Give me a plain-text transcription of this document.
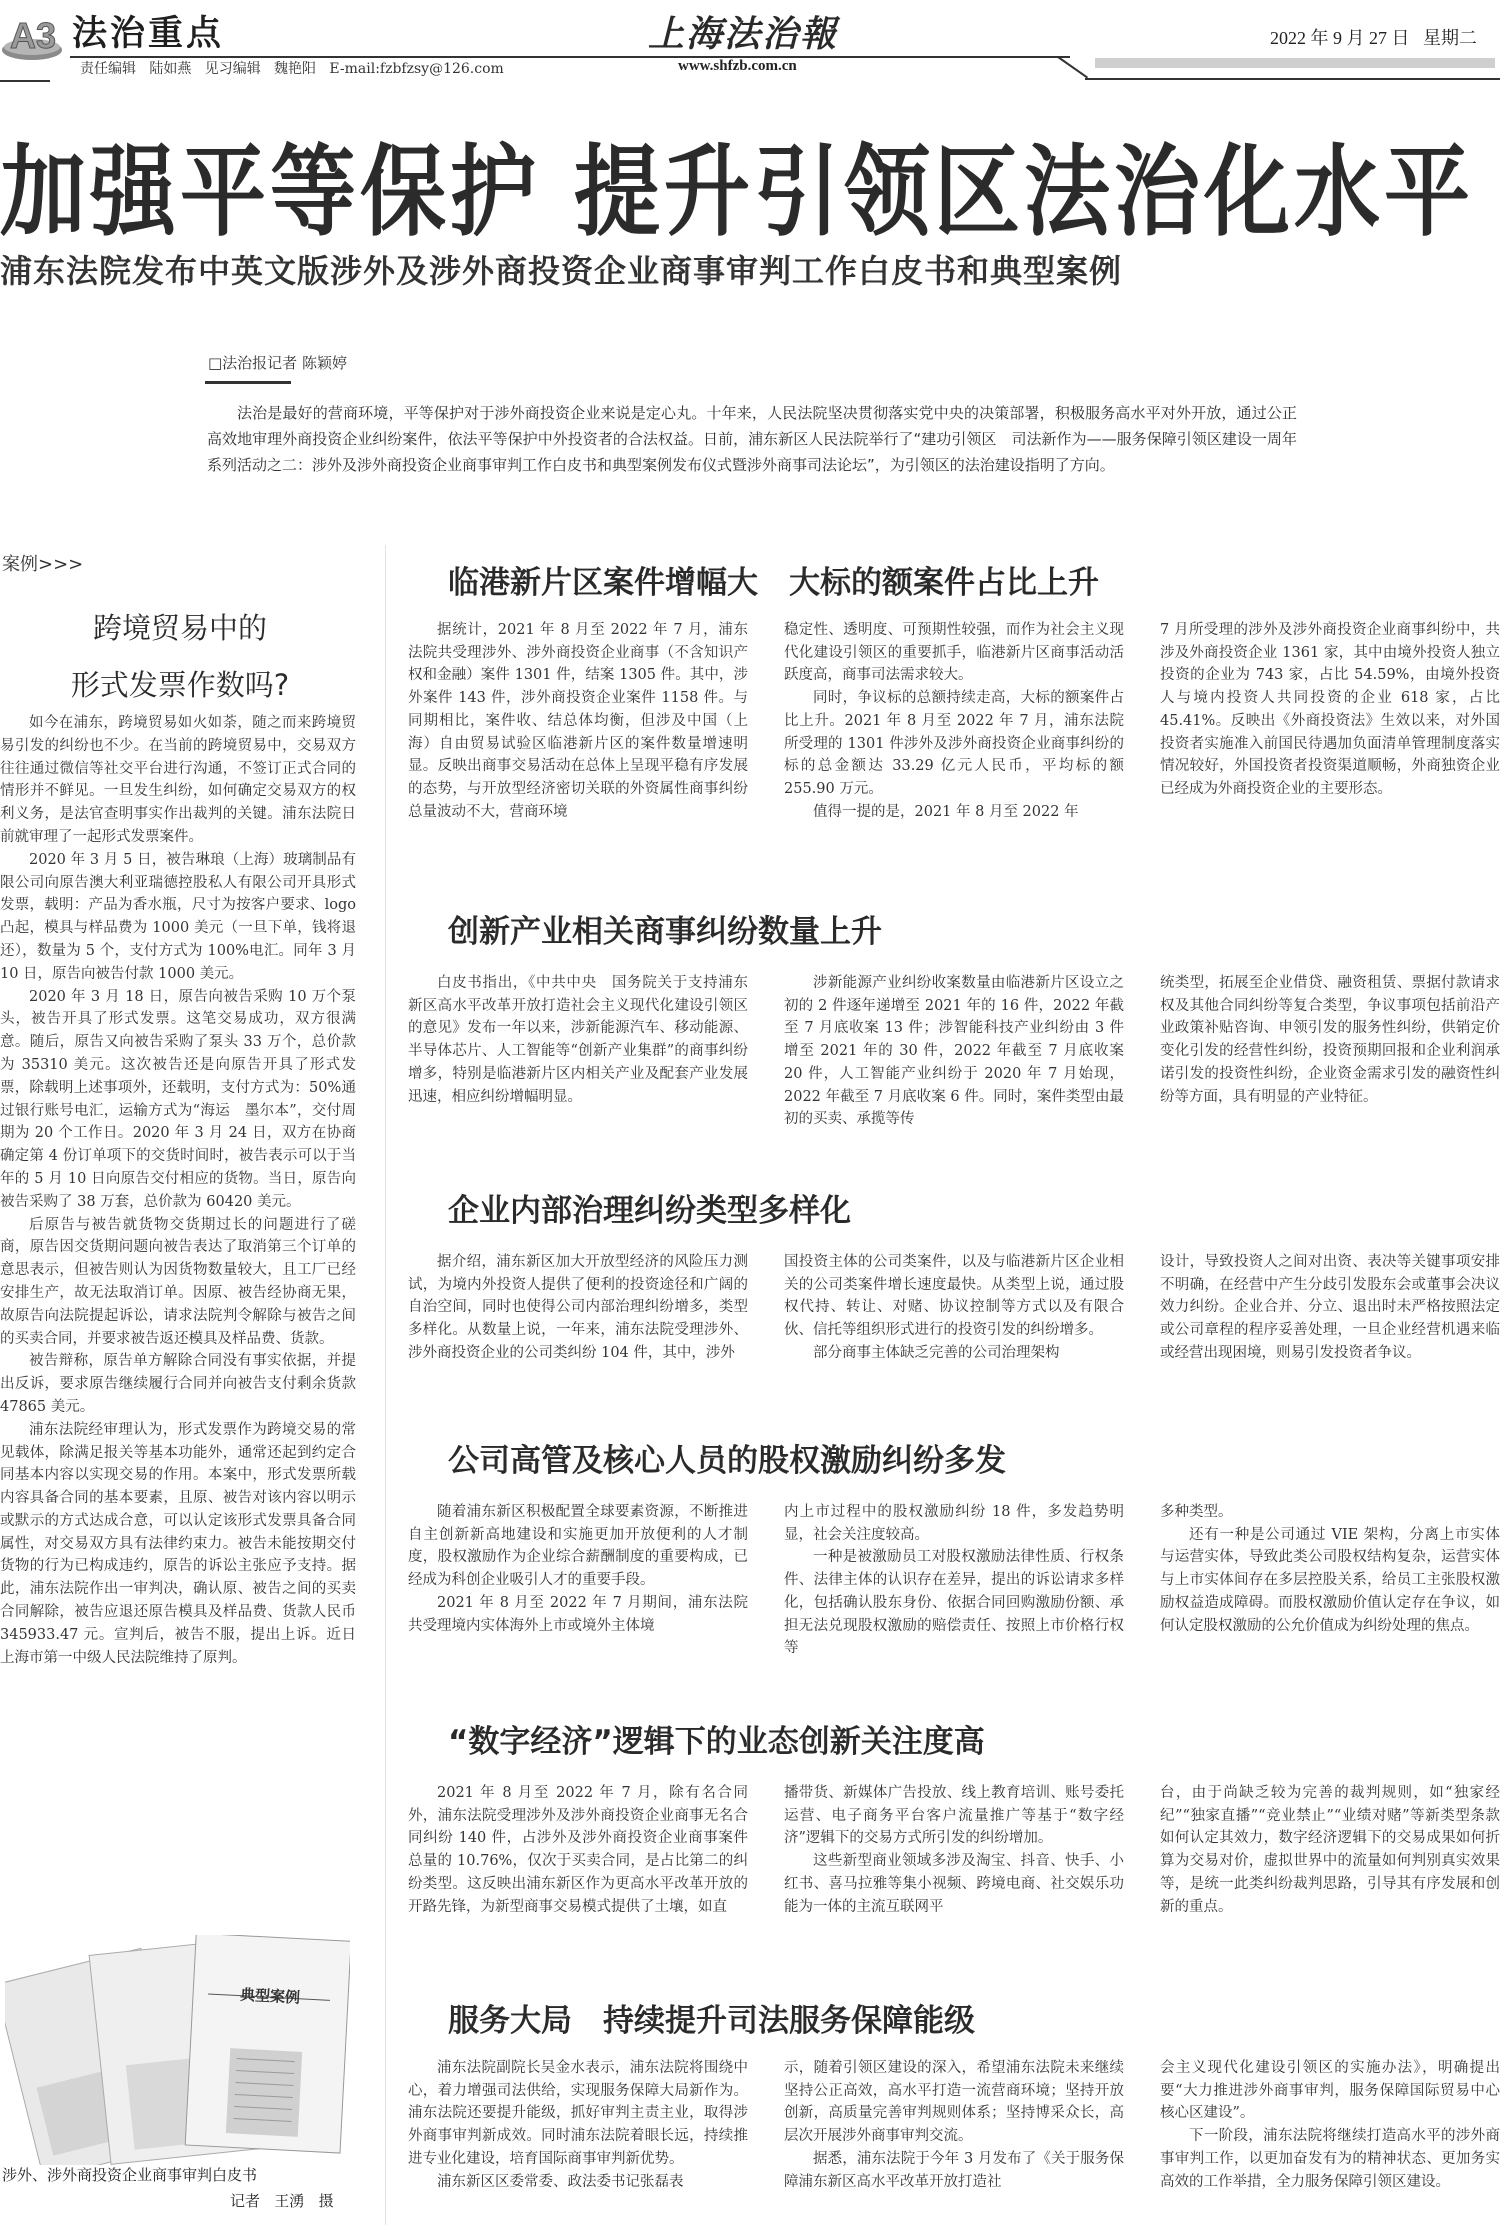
A3 法治重点
责任编辑   陆如燕   见习编辑   魏艳阳   E-mail:fzbfzsy@126.com
上海法治報
www.shfzb.com.cn
2022 年 9 月 27 日   星期二
加强平等保护 提升引领区法治化水平
浦东法院发布中英文版涉外及涉外商投资企业商事审判工作白皮书和典型案例
□法治报记者 陈颖婷

法治是最好的营商环境，平等保护对于涉外商投资企业来说是定心丸。十年来，人民法院坚决贯彻落实党中央的决策部署，积极服务高水平对外开放，通过公正高效地审理外商投资企业纠纷案件，依法平等保护中外投资者的合法权益。日前，浦东新区人民法院举行了“建功引领区　司法新作为——服务保障引领区建设一周年系列活动之二：涉外及涉外商投资企业商事审判工作白皮书和典型案例发布仪式暨涉外商事司法论坛”，为引领区的法治建设指明了方向。

案例>>>
跨境贸易中的
形式发票作数吗?

如今在浦东，跨境贸易如火如荼，随之而来跨境贸易引发的纠纷也不少。在当前的跨境贸易中，交易双方往往通过微信等社交平台进行沟通，不签订正式合同的情形并不鲜见。一旦发生纠纷，如何确定交易双方的权利义务，是法官查明事实作出裁判的关键。浦东法院日前就审理了一起形式发票案件。

2020 年 3 月 5 日，被告琳琅（上海）玻璃制品有限公司向原告澳大利亚瑞德控股私人有限公司开具形式发票，载明：产品为香水瓶，尺寸为按客户要求、logo 凸起，模具与样品费为 1000 美元（一旦下单，钱将退还），数量为 5 个，支付方式为 100%电汇。同年 3 月 10 日，原告向被告付款 1000 美元。

2020 年 3 月 18 日，原告向被告采购 10 万个泵头，被告开具了形式发票。这笔交易成功，双方很满意。随后，原告又向被告采购了泵头 33 万个，总价款为 35310 美元。这次被告还是向原告开具了形式发票，除载明上述事项外，还载明，支付方式为：50%通过银行账号电汇，运输方式为“海运　墨尔本”，交付周期为 20 个工作日。2020 年 3 月 24 日，双方在协商确定第 4 份订单项下的交货时间时，被告表示可以于当年的 5 月 10 日向原告交付相应的货物。当日，原告向被告采购了 38 万套，总价款为 60420 美元。

后原告与被告就货物交货期过长的问题进行了磋商，原告因交货期问题向被告表达了取消第三个订单的意思表示，但被告则认为因货物数量较大，且工厂已经安排生产，故无法取消订单。因原、被告经协商无果，故原告向法院提起诉讼，请求法院判令解除与被告之间的买卖合同，并要求被告返还模具及样品费、货款。

被告辩称，原告单方解除合同没有事实依据，并提出反诉，要求原告继续履行合同并向被告支付剩余货款 47865 美元。

浦东法院经审理认为，形式发票作为跨境交易的常见载体，除满足报关等基本功能外，通常还起到约定合同基本内容以实现交易的作用。本案中，形式发票所载内容具备合同的基本要素，且原、被告对该内容以明示或默示的方式达成合意，可以认定该形式发票具备合同属性，对交易双方具有法律约束力。被告未能按期交付货物的行为已构成违约，原告的诉讼主张应予支持。据此，浦东法院作出一审判决，确认原、被告之间的买卖合同解除，被告应退还原告模具及样品费、货款人民币 345933.47 元。宣判后，被告不服，提出上诉。近日上海市第一中级人民法院维持了原判。

典型案例
涉外、涉外商投资企业商事审判白皮书
记者   王湧   摄
临港新片区案件增幅大　大标的额案件占比上升

据统计，2021 年 8 月至 2022 年 7 月，浦东法院共受理涉外、涉外商投资企业商事（不含知识产权和金融）案件 1301 件，结案 1305 件。其中，涉外案件 143 件，涉外商投资企业案件 1158 件。与同期相比，案件收、结总体均衡，但涉及中国（上海）自由贸易试验区临港新片区的案件数量增速明显。反映出商事交易活动在总体上呈现平稳有序发展的态势，与开放型经济密切关联的外资属性商事纠纷总量波动不大，营商环境

稳定性、透明度、可预期性较强，而作为社会主义现代化建设引领区的重要抓手，临港新片区商事活动活跃度高，商事司法需求较大。

同时，争议标的总额持续走高，大标的额案件占比上升。2021 年 8 月至 2022 年 7 月，浦东法院所受理的 1301 件涉外及涉外商投资企业商事纠纷的标的总金额达 33.29 亿元人民币，平均标的额 255.90 万元。

值得一提的是，2021 年 8 月至 2022 年

7 月所受理的涉外及涉外商投资企业商事纠纷中，共涉及外商投资企业 1361 家，其中由境外投资人独立投资的企业为 743 家，占比 54.59%，由境外投资人与境内投资人共同投资的企业 618 家，占比 45.41%。反映出《外商投资法》生效以来，对外国投资者实施准入前国民待遇加负面清单管理制度落实情况较好，外国投资者投资渠道顺畅，外商独资企业已经成为外商投资企业的主要形态。

创新产业相关商事纠纷数量上升

白皮书指出，《中共中央　国务院关于支持浦东新区高水平改革开放打造社会主义现代化建设引领区的意见》发布一年以来，涉新能源汽车、移动能源、半导体芯片、人工智能等“创新产业集群”的商事纠纷增多，特别是临港新片区内相关产业及配套产业发展迅速，相应纠纷增幅明显。

涉新能源产业纠纷收案数量由临港新片区设立之初的 2 件逐年递增至 2021 年的 16 件，2022 年截至 7 月底收案 13 件；涉智能科技产业纠纷由 3 件增至 2021 年的 30 件，2022 年截至 7 月底收案 20 件，人工智能产业纠纷于 2020 年 7 月始现，2022 年截至 7 月底收案 6 件。同时，案件类型由最初的买卖、承揽等传

统类型，拓展至企业借贷、融资租赁、票据付款请求权及其他合同纠纷等复合类型，争议事项包括前沿产业政策补贴咨询、申领引发的服务性纠纷，供销定价变化引发的经营性纠纷，投资预期回报和企业利润承诺引发的投资性纠纷，企业资金需求引发的融资性纠纷等方面，具有明显的产业特征。

企业内部治理纠纷类型多样化

据介绍，浦东新区加大开放型经济的风险压力测试，为境内外投资人提供了便利的投资途径和广阔的自治空间，同时也使得公司内部治理纠纷增多，类型多样化。从数量上说，一年来，浦东法院受理涉外、涉外商投资企业的公司类纠纷 104 件，其中，涉外

国投资主体的公司类案件，以及与临港新片区企业相关的公司类案件增长速度最快。从类型上说，通过股权代持、转让、对赌、协议控制等方式以及有限合伙、信托等组织形式进行的投资引发的纠纷增多。

部分商事主体缺乏完善的公司治理架构

设计，导致投资人之间对出资、表决等关键事项安排不明确，在经营中产生分歧引发股东会或董事会决议效力纠纷。企业合并、分立、退出时未严格按照法定或公司章程的程序妥善处理，一旦企业经营机遇来临或经营出现困境，则易引发投资者争议。

公司高管及核心人员的股权激励纠纷多发

随着浦东新区积极配置全球要素资源，不断推进自主创新新高地建设和实施更加开放便利的人才制度，股权激励作为企业综合薪酬制度的重要构成，已经成为科创企业吸引人才的重要手段。

2021 年 8 月至 2022 年 7 月期间，浦东法院共受理境内实体海外上市或境外主体境

内上市过程中的股权激励纠纷 18 件，多发趋势明显，社会关注度较高。

一种是被激励员工对股权激励法律性质、行权条件、法律主体的认识存在差异，提出的诉讼请求多样化，包括确认股东身份、依据合同回购激励份额、承担无法兑现股权激励的赔偿责任、按照上市价格行权等

多种类型。

还有一种是公司通过 VIE 架构，分离上市实体与运营实体，导致此类公司股权结构复杂，运营实体与上市实体间存在多层控股关系，给员工主张股权激励权益造成障碍。而股权激励价值认定存在争议，如何认定股权激励的公允价值成为纠纷处理的焦点。

“数字经济”逻辑下的业态创新关注度高

2021 年 8 月至 2022 年 7 月，除有名合同外，浦东法院受理涉外及涉外商投资企业商事无名合同纠纷 140 件，占涉外及涉外商投资企业商事案件总量的 10.76%，仅次于买卖合同，是占比第二的纠纷类型。这反映出浦东新区作为更高水平改革开放的开路先锋，为新型商事交易模式提供了土壤，如直

播带货、新媒体广告投放、线上教育培训、账号委托运营、电子商务平台客户流量推广等基于“数字经济”逻辑下的交易方式所引发的纠纷增加。

这些新型商业领域多涉及淘宝、抖音、快手、小红书、喜马拉雅等集小视频、跨境电商、社交娱乐功能为一体的主流互联网平

台，由于尚缺乏较为完善的裁判规则，如“独家经纪”“独家直播”“竞业禁止”“业绩对赌”等新类型条款如何认定其效力，数字经济逻辑下的交易成果如何折算为交易对价，虚拟世界中的流量如何判别真实效果等，是统一此类纠纷裁判思路，引导其有序发展和创新的重点。

服务大局　持续提升司法服务保障能级

浦东法院副院长吴金水表示，浦东法院将围绕中心，着力增强司法供给，实现服务保障大局新作为。浦东法院还要提升能级，抓好审判主责主业，取得涉外商事审判新成效。同时浦东法院着眼长远，持续推进专业化建设，培育国际商事审判新优势。

浦东新区区委常委、政法委书记张磊表

示，随着引领区建设的深入，希望浦东法院未来继续坚持公正高效，高水平打造一流营商环境；坚持开放创新，高质量完善审判规则体系；坚持博采众长，高层次开展涉外商事审判交流。

据悉，浦东法院于今年 3 月发布了《关于服务保障浦东新区高水平改革开放打造社

会主义现代化建设引领区的实施办法》，明确提出要“大力推进涉外商事审判，服务保障国际贸易中心核心区建设”。

下一阶段，浦东法院将继续打造高水平的涉外商事审判工作，以更加奋发有为的精神状态、更加务实高效的工作举措，全力服务保障引领区建设。
